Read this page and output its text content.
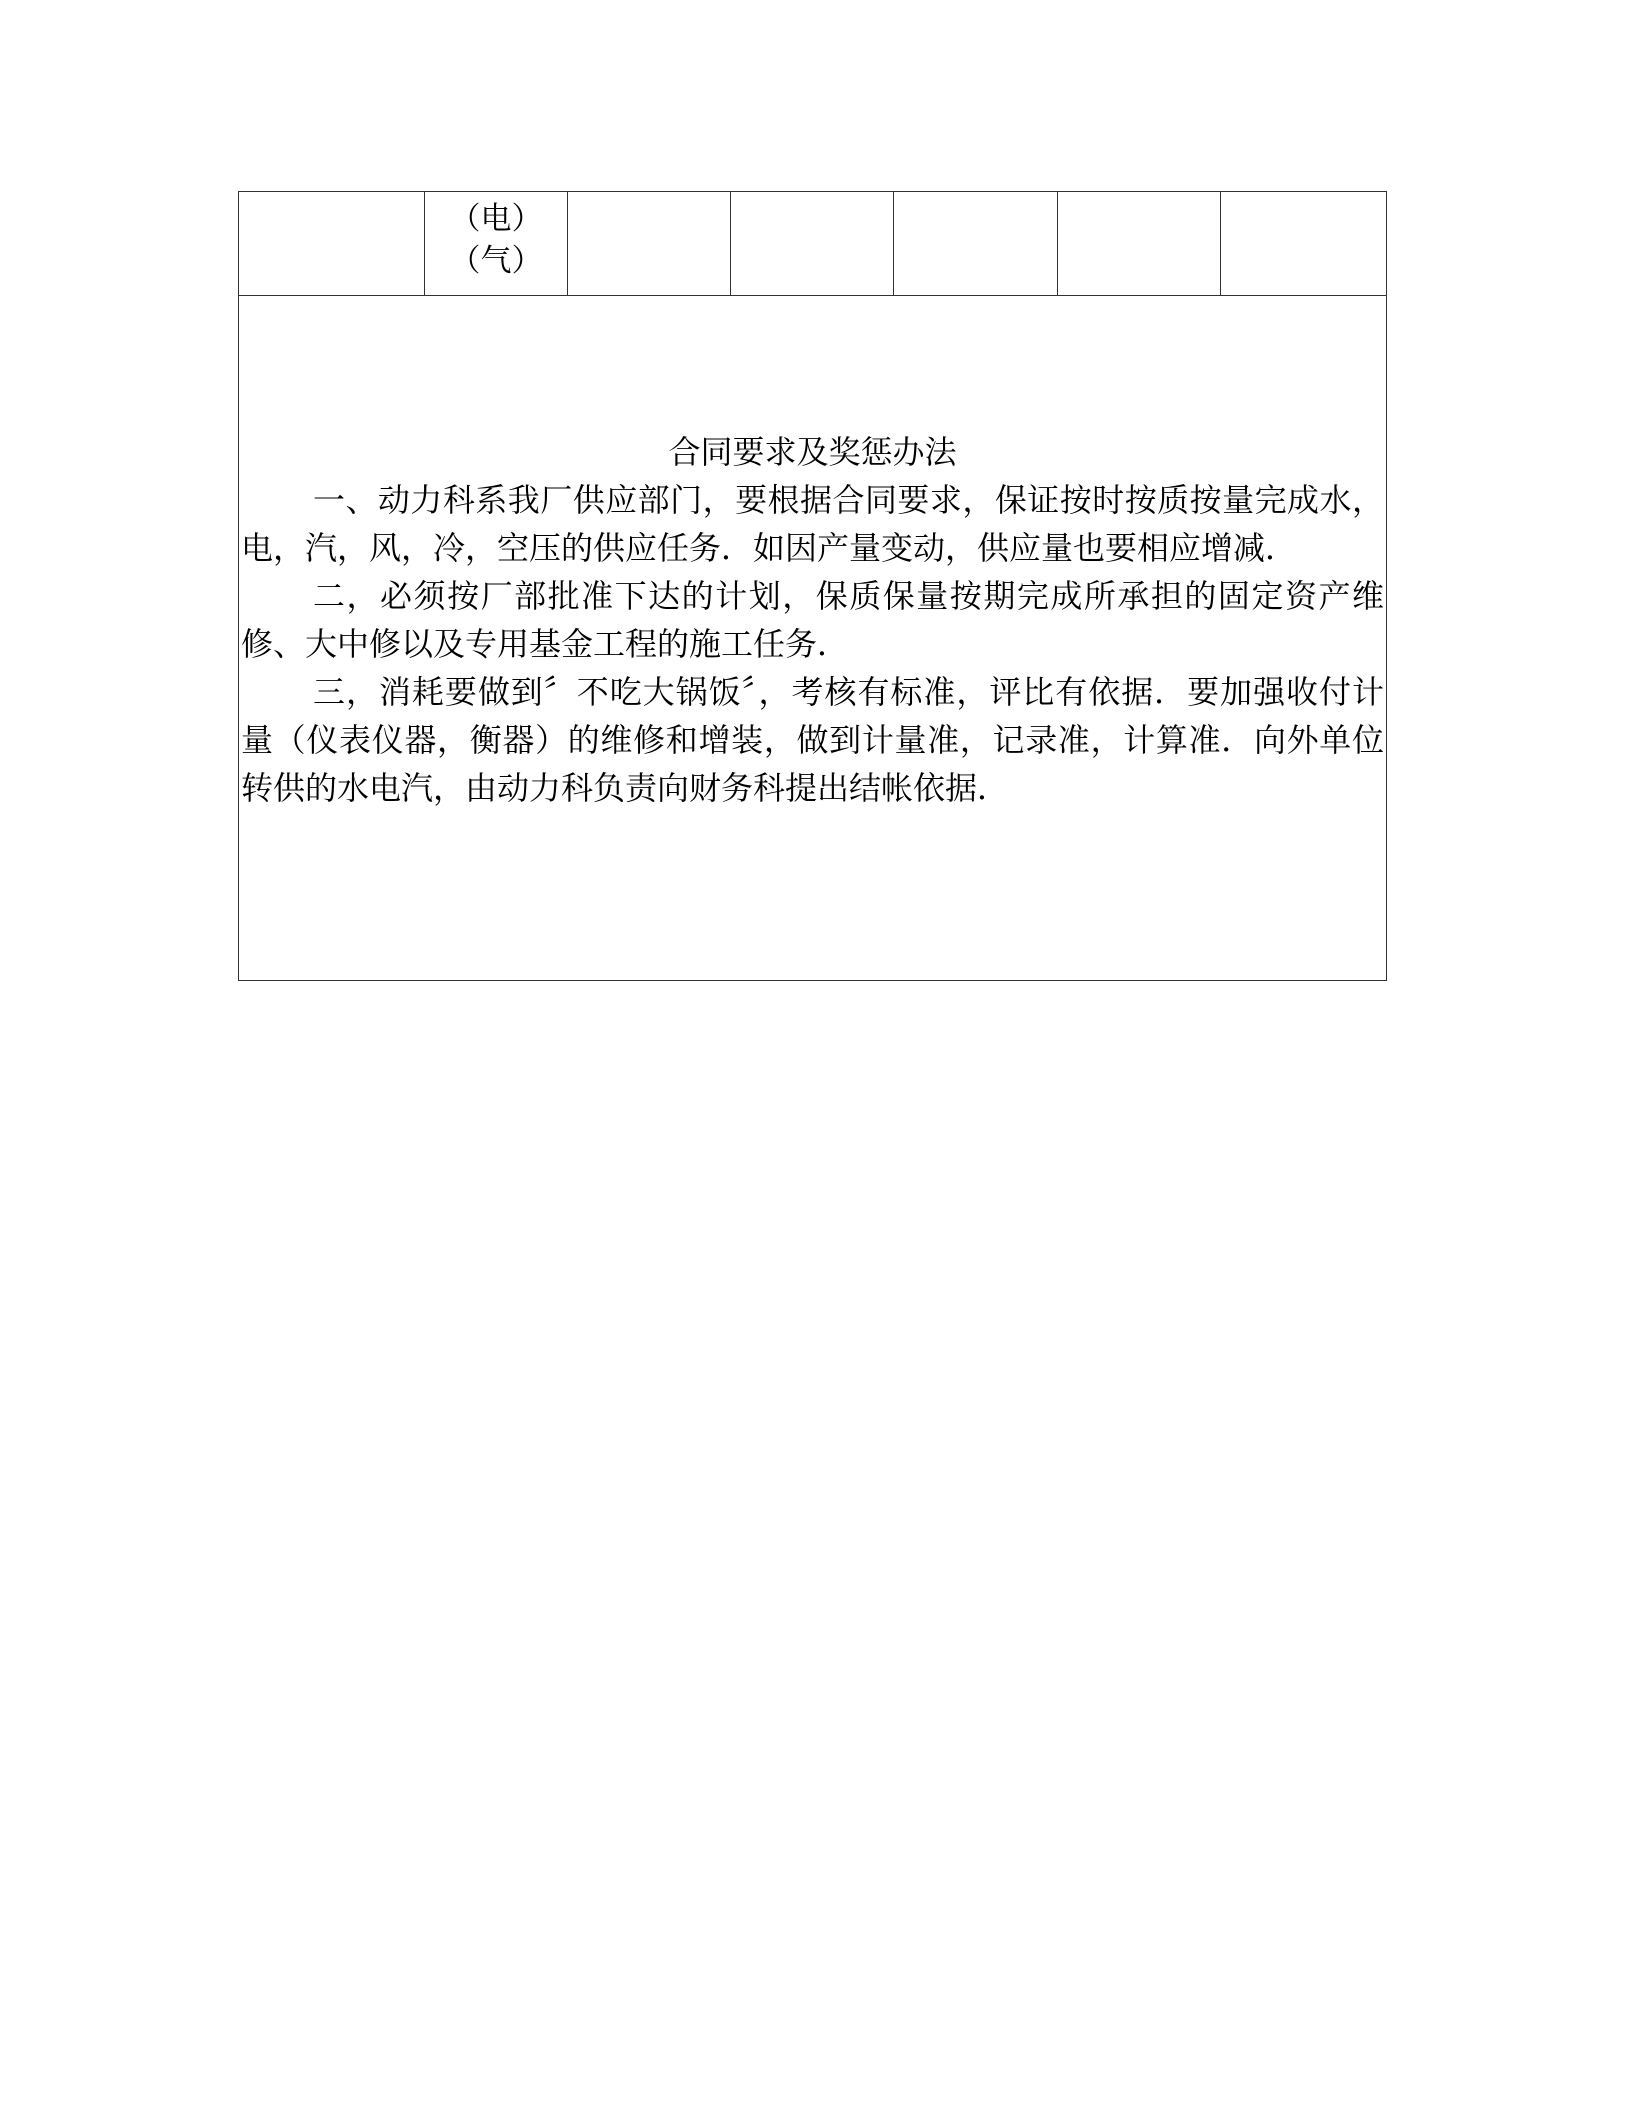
（电）
（气）

合同要求及奖惩办法

一、动力科系我厂供应部门，要根据合同要求，保证按时按质按量完成水，电，汽，风，冷，空压的供应任务．如因产量变动，供应量也要相应增减．

二，必须按厂部批准下达的计划，保质保量按期完成所承担的固定资产维修、大中修以及专用基金工程的施工任务．

三，消耗要做到〞不吃大锅饭〞，考核有标准，评比有依据．要加强收付计量（仪表仪器，衡器）的维修和增装，做到计量准，记录准，计算准．向外单位转供的水电汽，由动力科负责向财务科提出结帐依据．
